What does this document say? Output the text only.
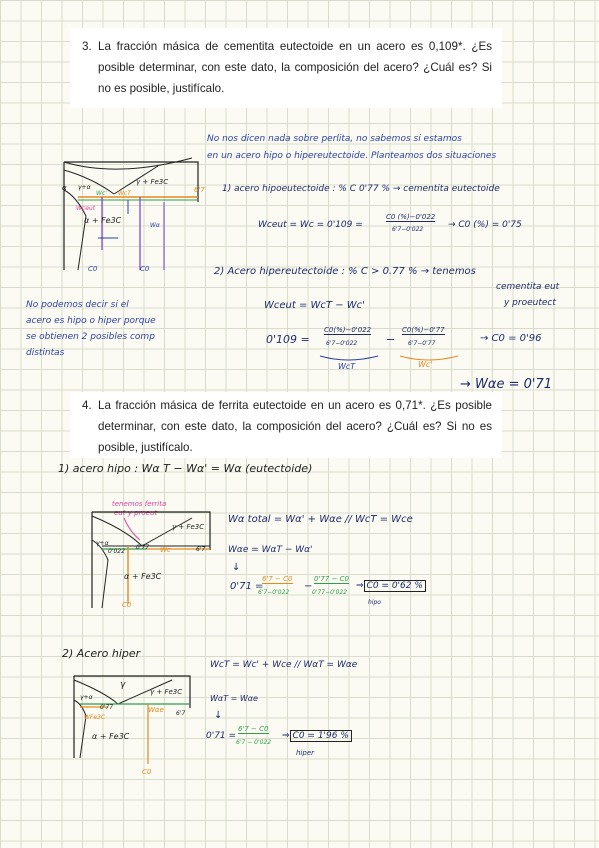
3. La fracción másica de cementita eutectoide en un acero es 0,109*. ¿Es posible determinar, con este dato, la composición del acero? ¿Cuál es? Si no es posible, justifícalo.
No nos dicen nada sobre perlita, no sabemos si estamos
en un acero hipo o hipereutectoide. Planteamos dos situaciones
γ + Fe3C
γ+α
α
α + Fe3C
WcT
Wc'
Wceut
Wα
6'7
C0	C0
1) acero hipoeutectoide : % C 0'77 % → cementita eutectoide
Wceut = Wc = 0'109 =
C0 (%)−0'022
6'7−0'022	→ C0 (%) = 0'75
2) Acero hipereutectoide : % C > 0.77 % → tenemos
cementita eut
y proeutect
Wceut = WcT − Wc'
No podemos decir si el
acero es hipo o hiper porque
se obtienen 2 posibles comp
distintas
0'109 =
C0(%)−0'022
6'7−0'022	−
C0(%)−0'77
6'7−0'77	→ C0 = 0'96
WcT	Wc'
→ Wαe = 0'71
4. La fracción másica de ferrita eutectoide en un acero es 0,71*. ¿Es posible determinar, con este dato, la composición del acero? ¿Cuál es? Si no es posible, justifícalo.
1) acero hipo : Wα T − Wα' = Wα (eutectoide)
tenemos ferrita
eut y proeut
γ + Fe3C
γ+α
0'022
0'77 Wc	6'7
α + Fe3C
C0
Wα total = Wα' + Wαe // WcT = Wce
Wαe = WαT − Wα'
↓
0'71 =
6'7 − C0
6'7−0'022
−
0'77 − C0
0'77−0'022
⇒ C0 = 0'62 %
hipo
2) Acero hiper
γ
γ + Fe3C
γ+α
0'77
WFe3C
Wαe 6'7
α + Fe3C
C0
WcT = Wc' + Wce // WαT = Wαe
WαT = Wαe
↓
0'71 =
6'7 − C0
6'7 − 0'022
⇒ C0 = 1'96 %
hiper
